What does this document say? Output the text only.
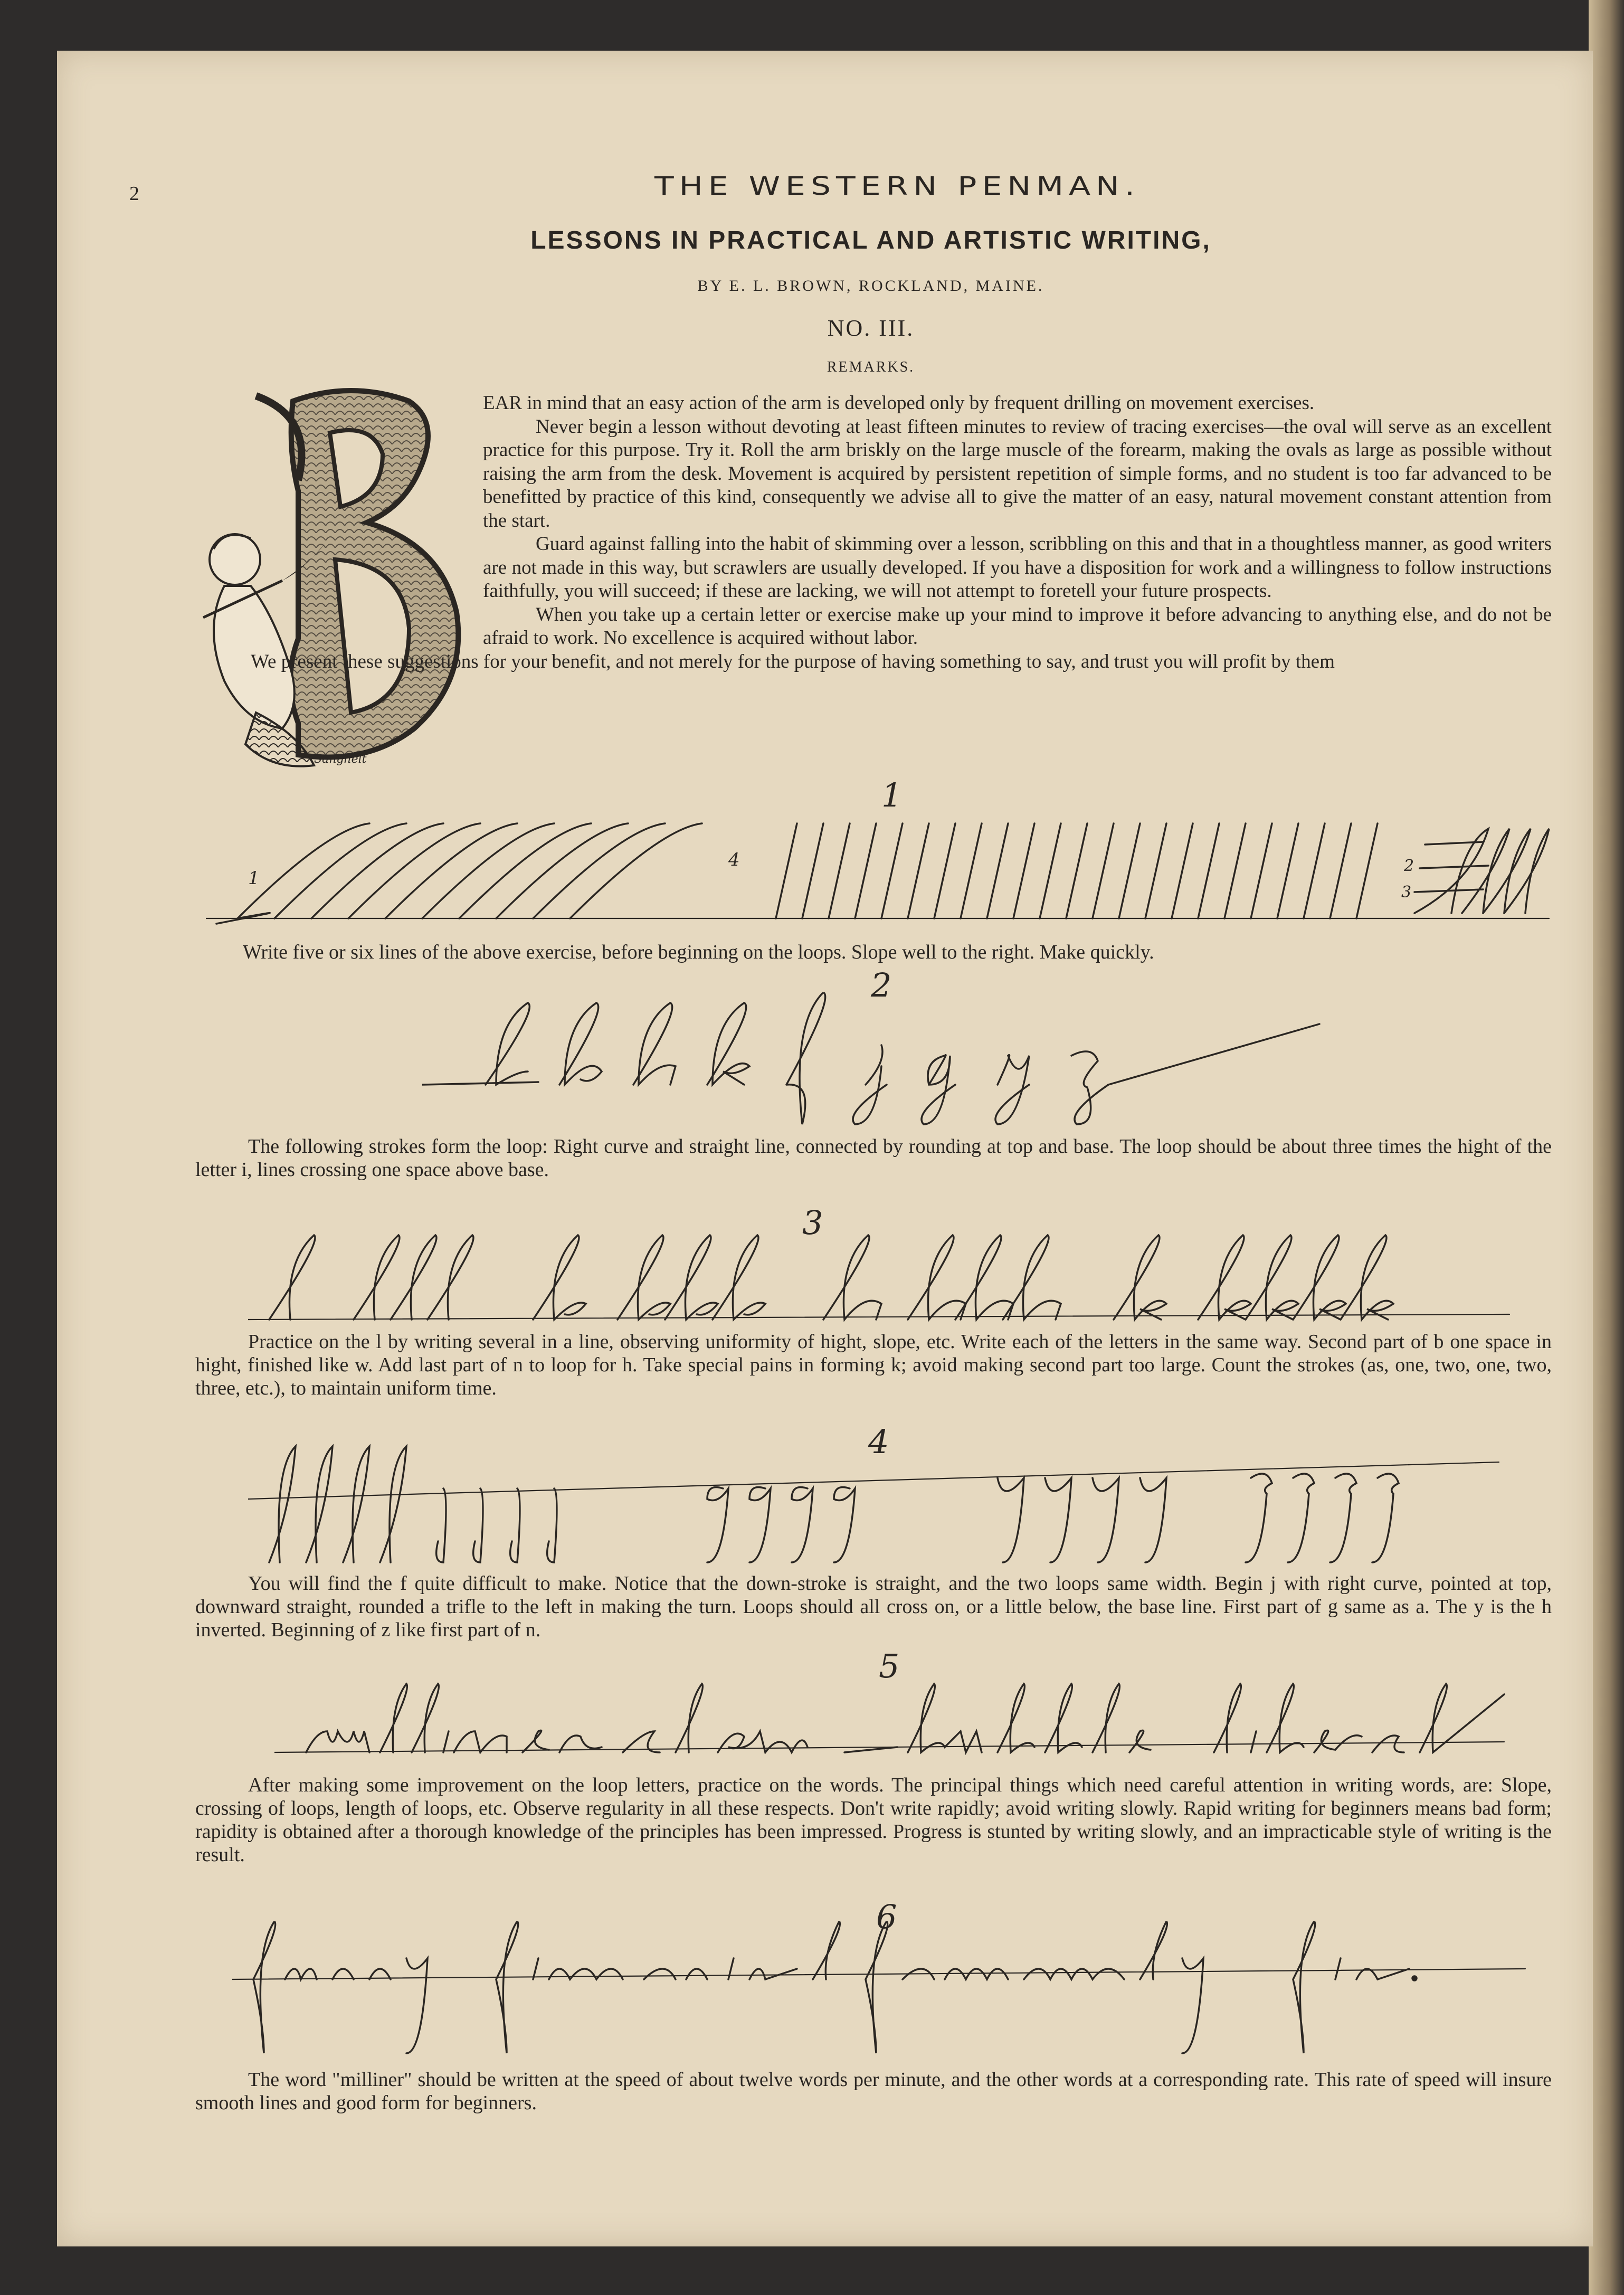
2	THE WESTERN PENMAN.
LESSONS IN PRACTICAL AND ARTISTIC WRITING,
BY E. L. BROWN, ROCKLAND, MAINE.
NO. III.
REMARKS.
Sanghelt

EAR in mind that an easy action of the arm is developed only by frequent drilling on movement exercises.

Never begin a lesson without devoting at least fifteen minutes to review of tracing exercises—the oval will serve as an excellent practice for this purpose. Try it. Roll the arm briskly on the large muscle of the forearm, making the ovals as large as possible without raising the arm from the desk. Movement is acquired by persistent repetition of simple forms, and no student is too far advanced to be benefitted by practice of this kind, consequently we advise all to give the matter of an easy, natural movement constant attention from the start.

Guard against falling into the habit of skimming over a lesson, scribbling on this and that in a thoughtless manner, as good writers are not made in this way, but scrawlers are usually developed. If you have a disposition for work and a willingness to follow instructions faithfully, you will succeed; if these are lacking, we will not attempt to foretell your future prospects.

When you take up a certain letter or exercise make up your mind to improve it before advancing to anything else, and do not be afraid to work. No excellence is acquired without labor.

We present these suggestions for your benefit, and not merely for the purpose of having something to say, and trust you will profit by them

1
1
4	2
3

Write five or six lines of the above exercise, before beginning on the loops. Slope well to the right. Make quickly.

2

The following strokes form the loop: Right curve and straight line, connected by rounding at top and base. The loop should be about three times the hight of the letter i, lines crossing one space above base.

3

Practice on the l by writing several in a line, observing uniformity of hight, slope, etc. Write each of the letters in the same way. Second part of b one space in hight, finished like w. Add last part of n to loop for h. Take special pains in forming k; avoid making second part too large. Count the strokes (as, one, two, one, two, three, etc.), to maintain uniform time.

4

You will find the f quite difficult to make. Notice that the down-stroke is straight, and the two loops same width. Begin j with right curve, pointed at top, downward straight, rounded a trifle to the left in making the turn. Loops should all cross on, or a little below, the base line. First part of g same as a. The y is the h inverted. Beginning of z like first part of n.

5

After making some improvement on the loop letters, practice on the words. The principal things which need careful attention in writing words, are: Slope, crossing of loops, length of loops, etc. Observe regularity in all these respects. Don't write rapidly; avoid writing slowly. Rapid writing for beginners means bad form; rapidity is obtained after a thorough knowledge of the principles has been impressed. Progress is stunted by writing slowly, and an impracticable style of writing is the result.

6

The word "milliner" should be written at the speed of about twelve words per minute, and the other words at a corresponding rate. This rate of speed will insure smooth lines and good form for beginners.
